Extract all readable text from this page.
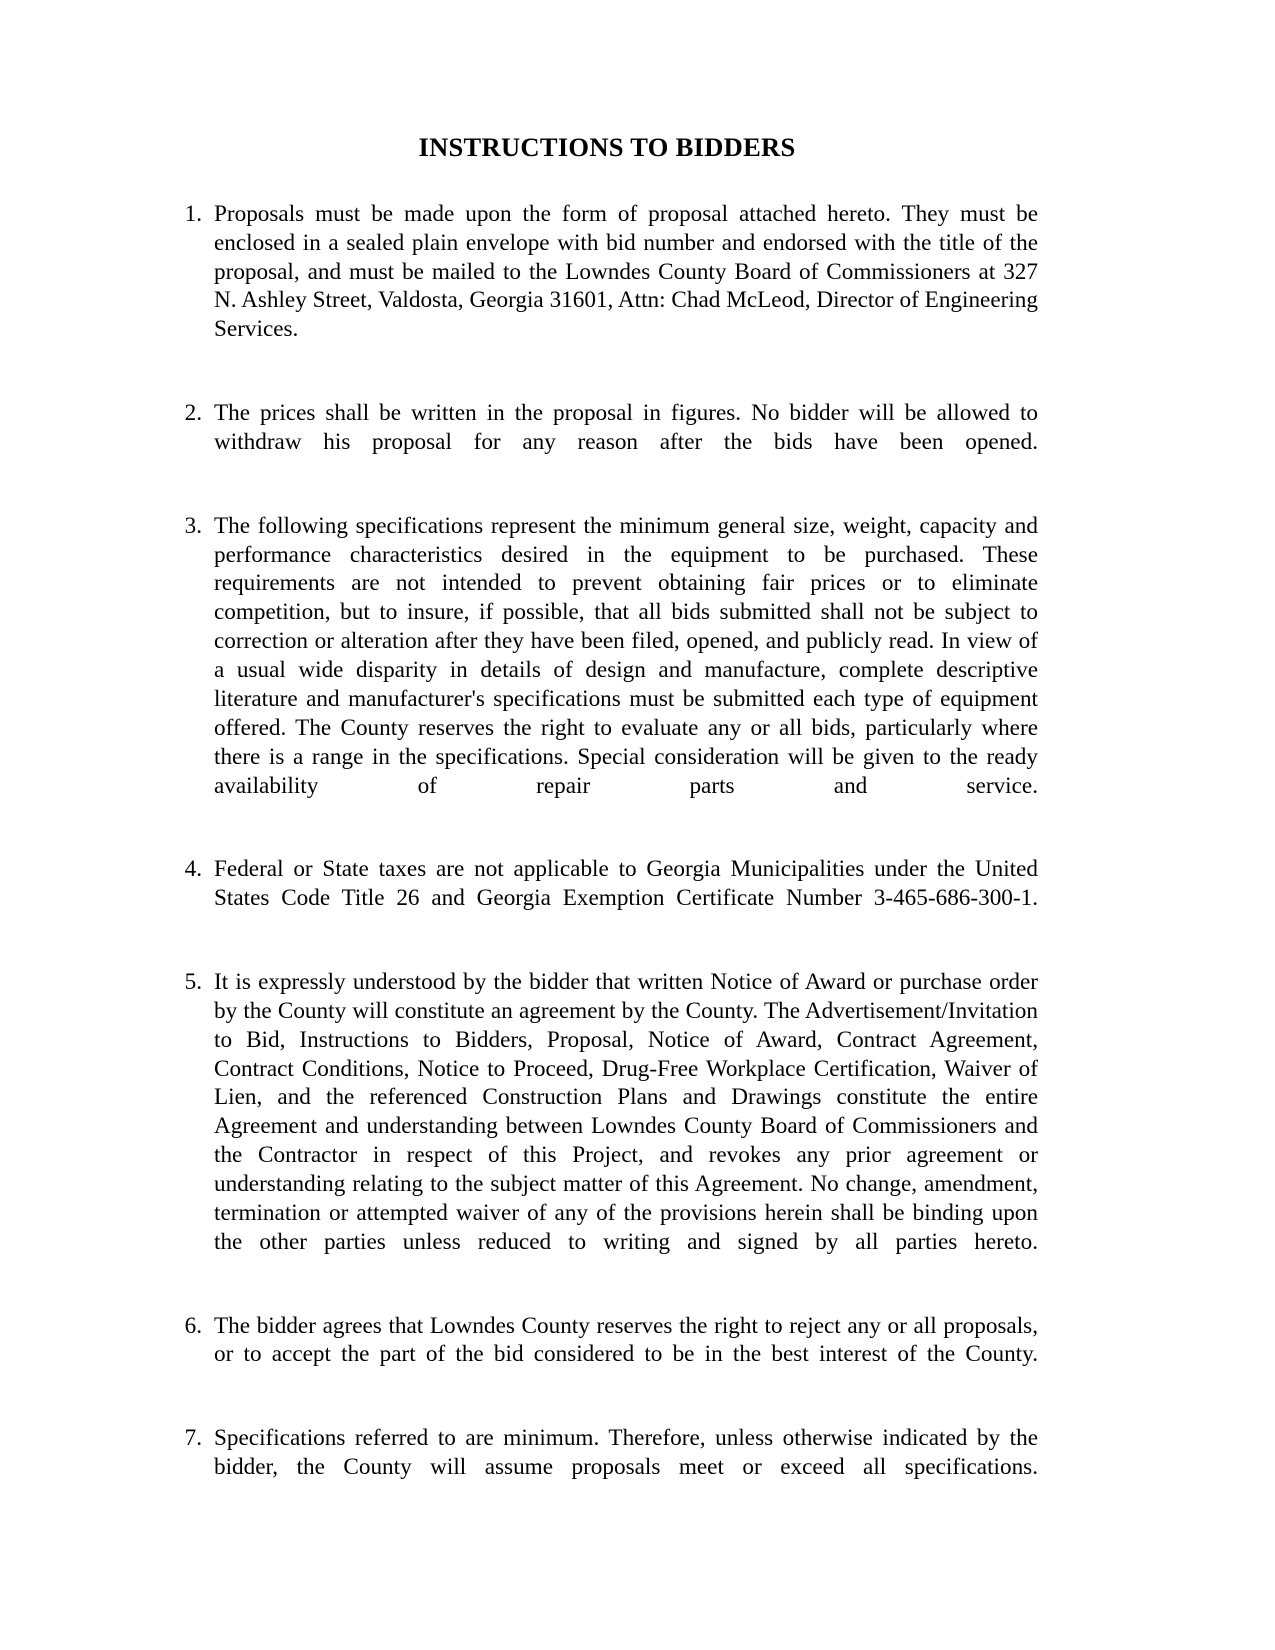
INSTRUCTIONS TO BIDDERS
1. Proposals must be made upon the form of proposal attached hereto. They must be enclosed in a sealed plain envelope with bid number and endorsed with the title of the proposal, and must be mailed to the Lowndes County Board of Commissioners at 327 N. Ashley Street, Valdosta, Georgia 31601, Attn: Chad McLeod, Director of Engineering Services.
2. The prices shall be written in the proposal in figures. No bidder will be allowed to withdraw his proposal for any reason after the bids have been opened.
3. The following specifications represent the minimum general size, weight, capacity and performance characteristics desired in the equipment to be purchased. These requirements are not intended to prevent obtaining fair prices or to eliminate competition, but to insure, if possible, that all bids submitted shall not be subject to correction or alteration after they have been filed, opened, and publicly read. In view of a usual wide disparity in details of design and manufacture, complete descriptive literature and manufacturer's specifications must be submitted each type of equipment offered. The County reserves the right to evaluate any or all bids, particularly where there is a range in the specifications. Special consideration will be given to the ready availability of repair parts and service.
4. Federal or State taxes are not applicable to Georgia Municipalities under the United States Code Title 26 and Georgia Exemption Certificate Number 3-465-686-300-1.
5. It is expressly understood by the bidder that written Notice of Award or purchase order by the County will constitute an agreement by the County. The Advertisement/Invitation to Bid, Instructions to Bidders, Proposal, Notice of Award, Contract Agreement, Contract Conditions, Notice to Proceed, Drug-Free Workplace Certification, Waiver of Lien, and the referenced Construction Plans and Drawings constitute the entire Agreement and understanding between Lowndes County Board of Commissioners and the Contractor in respect of this Project, and revokes any prior agreement or understanding relating to the subject matter of this Agreement. No change, amendment, termination or attempted waiver of any of the provisions herein shall be binding upon the other parties unless reduced to writing and signed by all parties hereto.
6. The bidder agrees that Lowndes County reserves the right to reject any or all proposals, or to accept the part of the bid considered to be in the best interest of the County.
7. Specifications referred to are minimum. Therefore, unless otherwise indicated by the bidder, the County will assume proposals meet or exceed all specifications.
